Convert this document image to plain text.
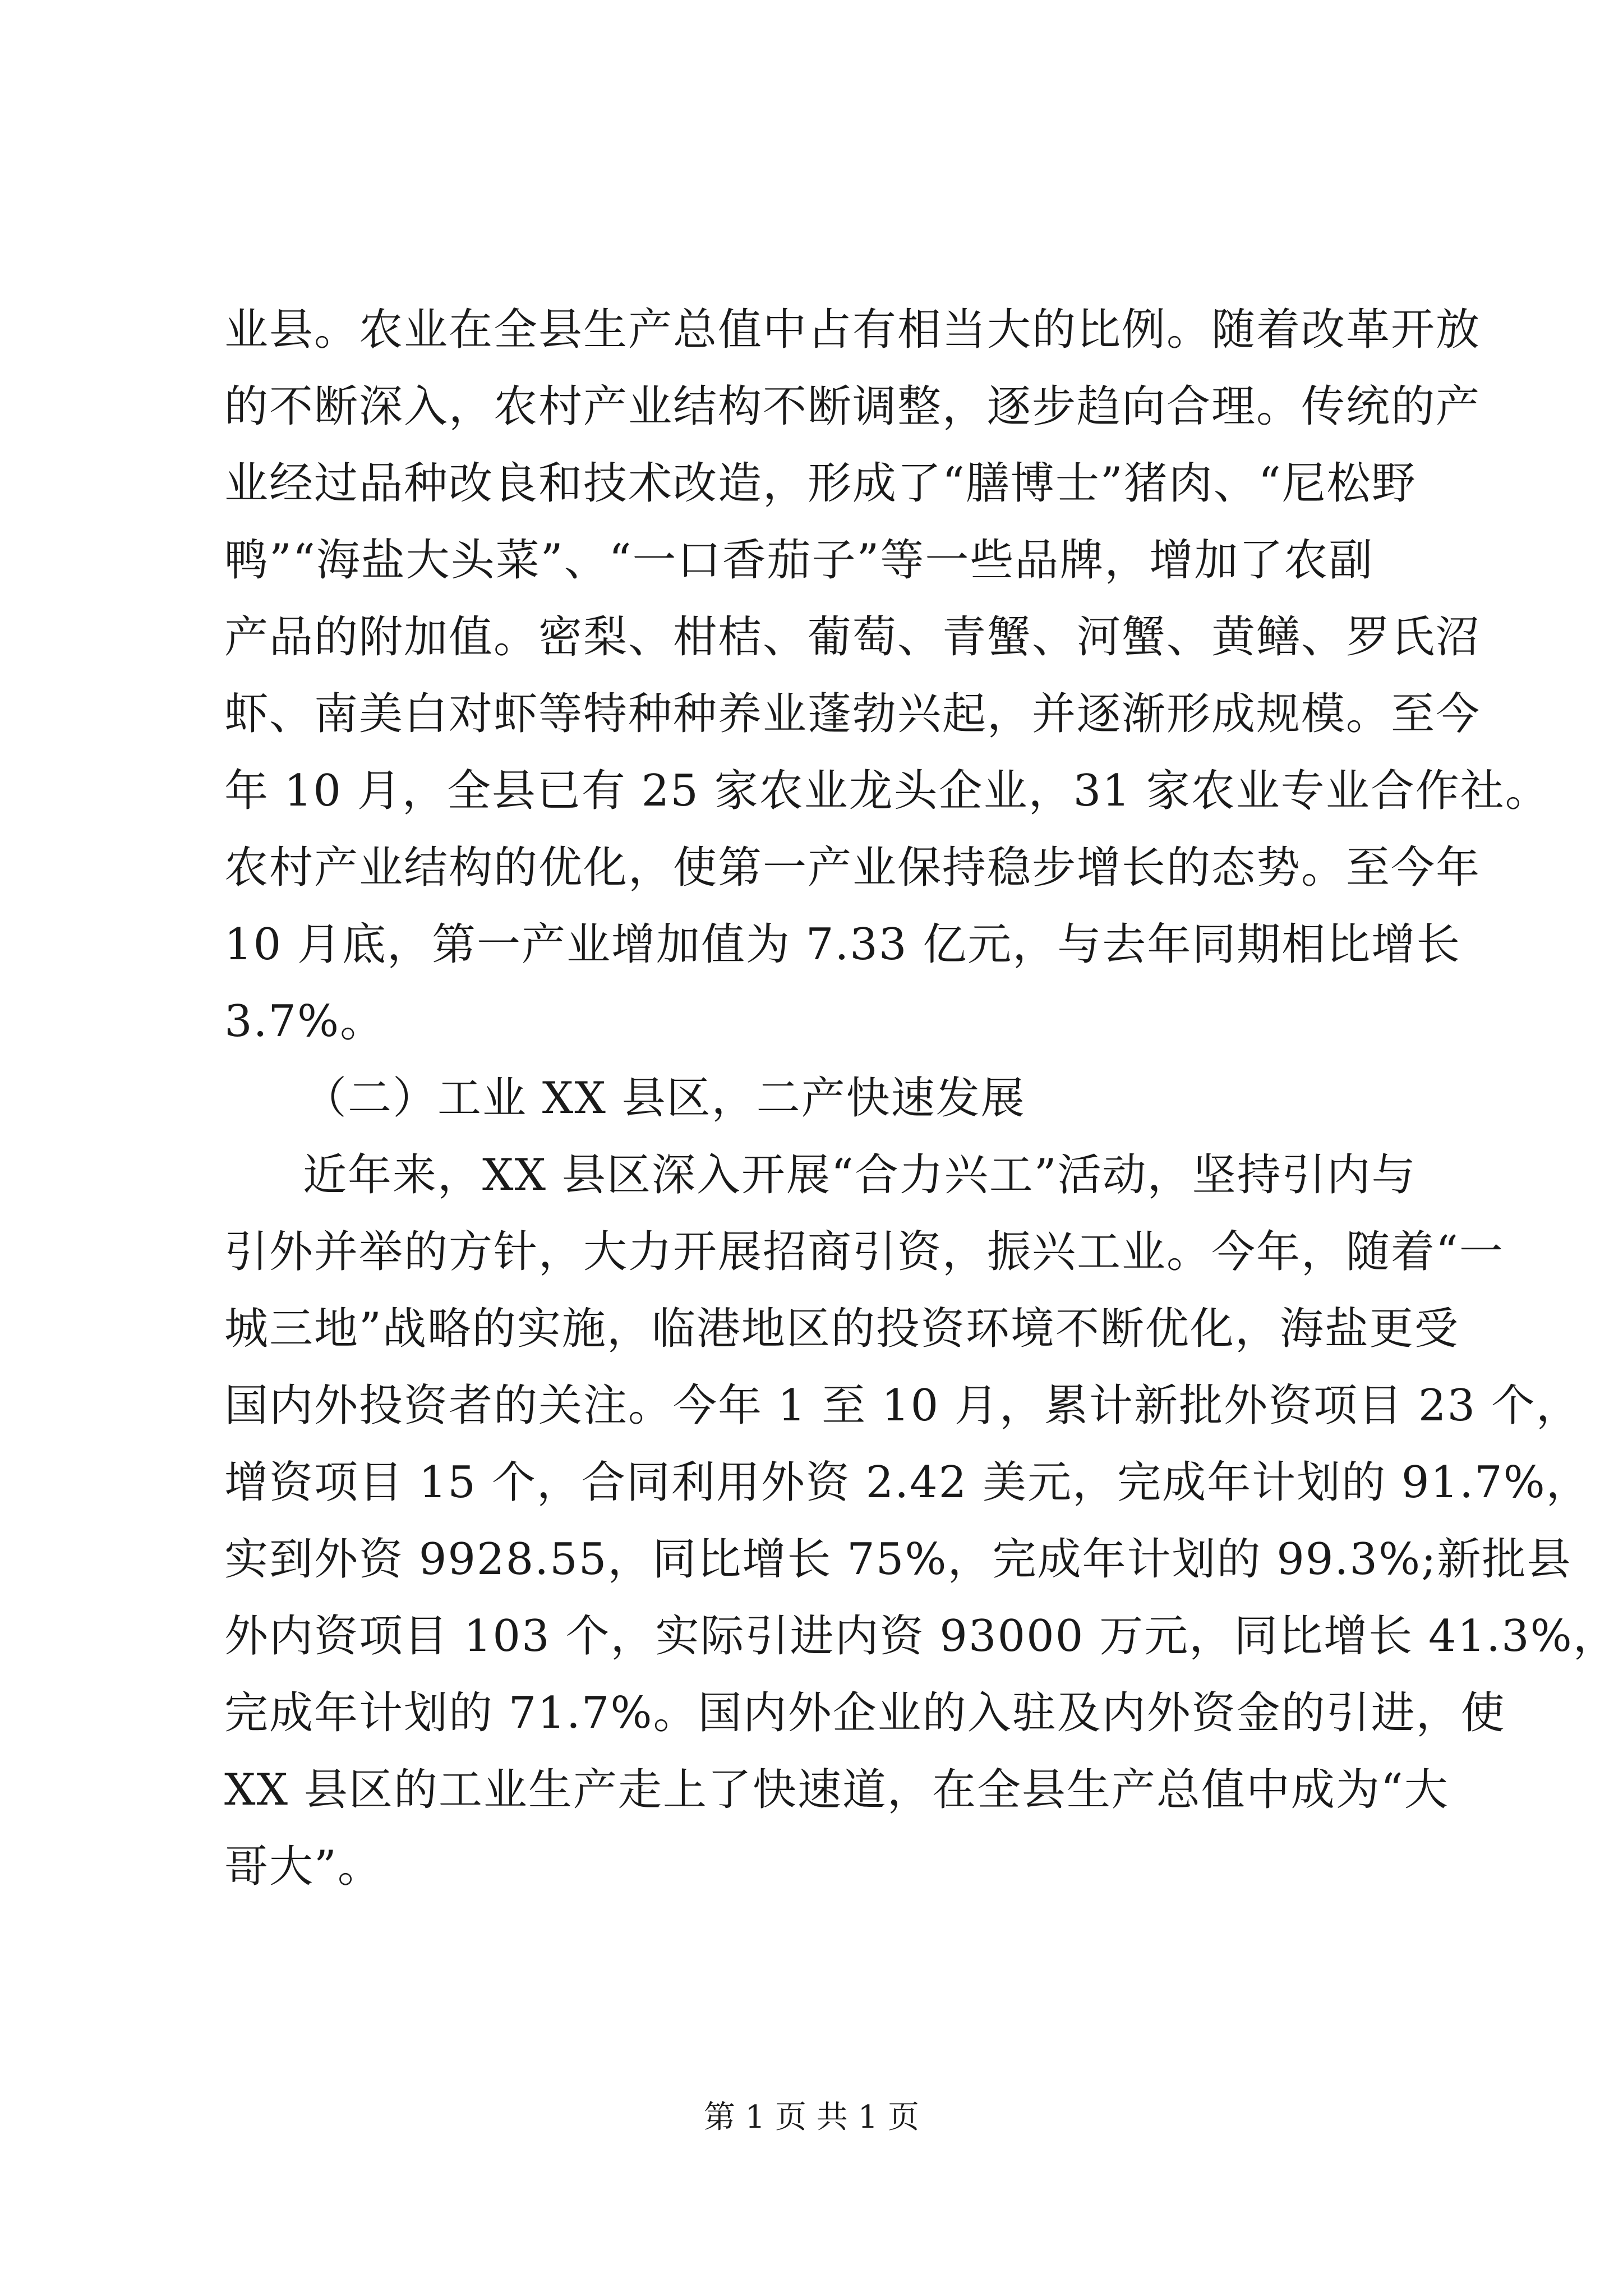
业县。农业在全县生产总值中占有相当大的比例。随着改革开放
的不断深入，农村产业结构不断调整，逐步趋向合理。传统的产
业经过品种改良和技术改造，形成了“膳博士”猪肉、“尼松野
鸭”“海盐大头菜”、“一口香茄子”等一些品牌，增加了农副
产品的附加值。密梨、柑桔、葡萄、青蟹、河蟹、黄鳝、罗氏沼
虾、南美白对虾等特种种养业蓬勃兴起，并逐渐形成规模。至今
年 10 月，全县已有 25 家农业龙头企业，31 家农业专业合作社。
农村产业结构的优化，使第一产业保持稳步增长的态势。至今年
10 月底，第一产业增加值为 7.33 亿元，与去年同期相比增长
3.7%。
（二）工业 XX 县区，二产快速发展
近年来，XX 县区深入开展“合力兴工”活动，坚持引内与
引外并举的方针，大力开展招商引资，振兴工业。今年，随着“一
城三地”战略的实施，临港地区的投资环境不断优化，海盐更受
国内外投资者的关注。今年 1 至 10 月，累计新批外资项目 23 个，
增资项目 15 个，合同利用外资 2.42 美元，完成年计划的 91.7%，
实到外资 9928.55，同比增长 75%，完成年计划的 99.3%;新批县
外内资项目 103 个，实际引进内资 93000 万元，同比增长 41.3%，
完成年计划的 71.7%。国内外企业的入驻及内外资金的引进，使
XX 县区的工业生产走上了快速道，在全县生产总值中成为“大
哥大”。
第 1 页 共 1 页
